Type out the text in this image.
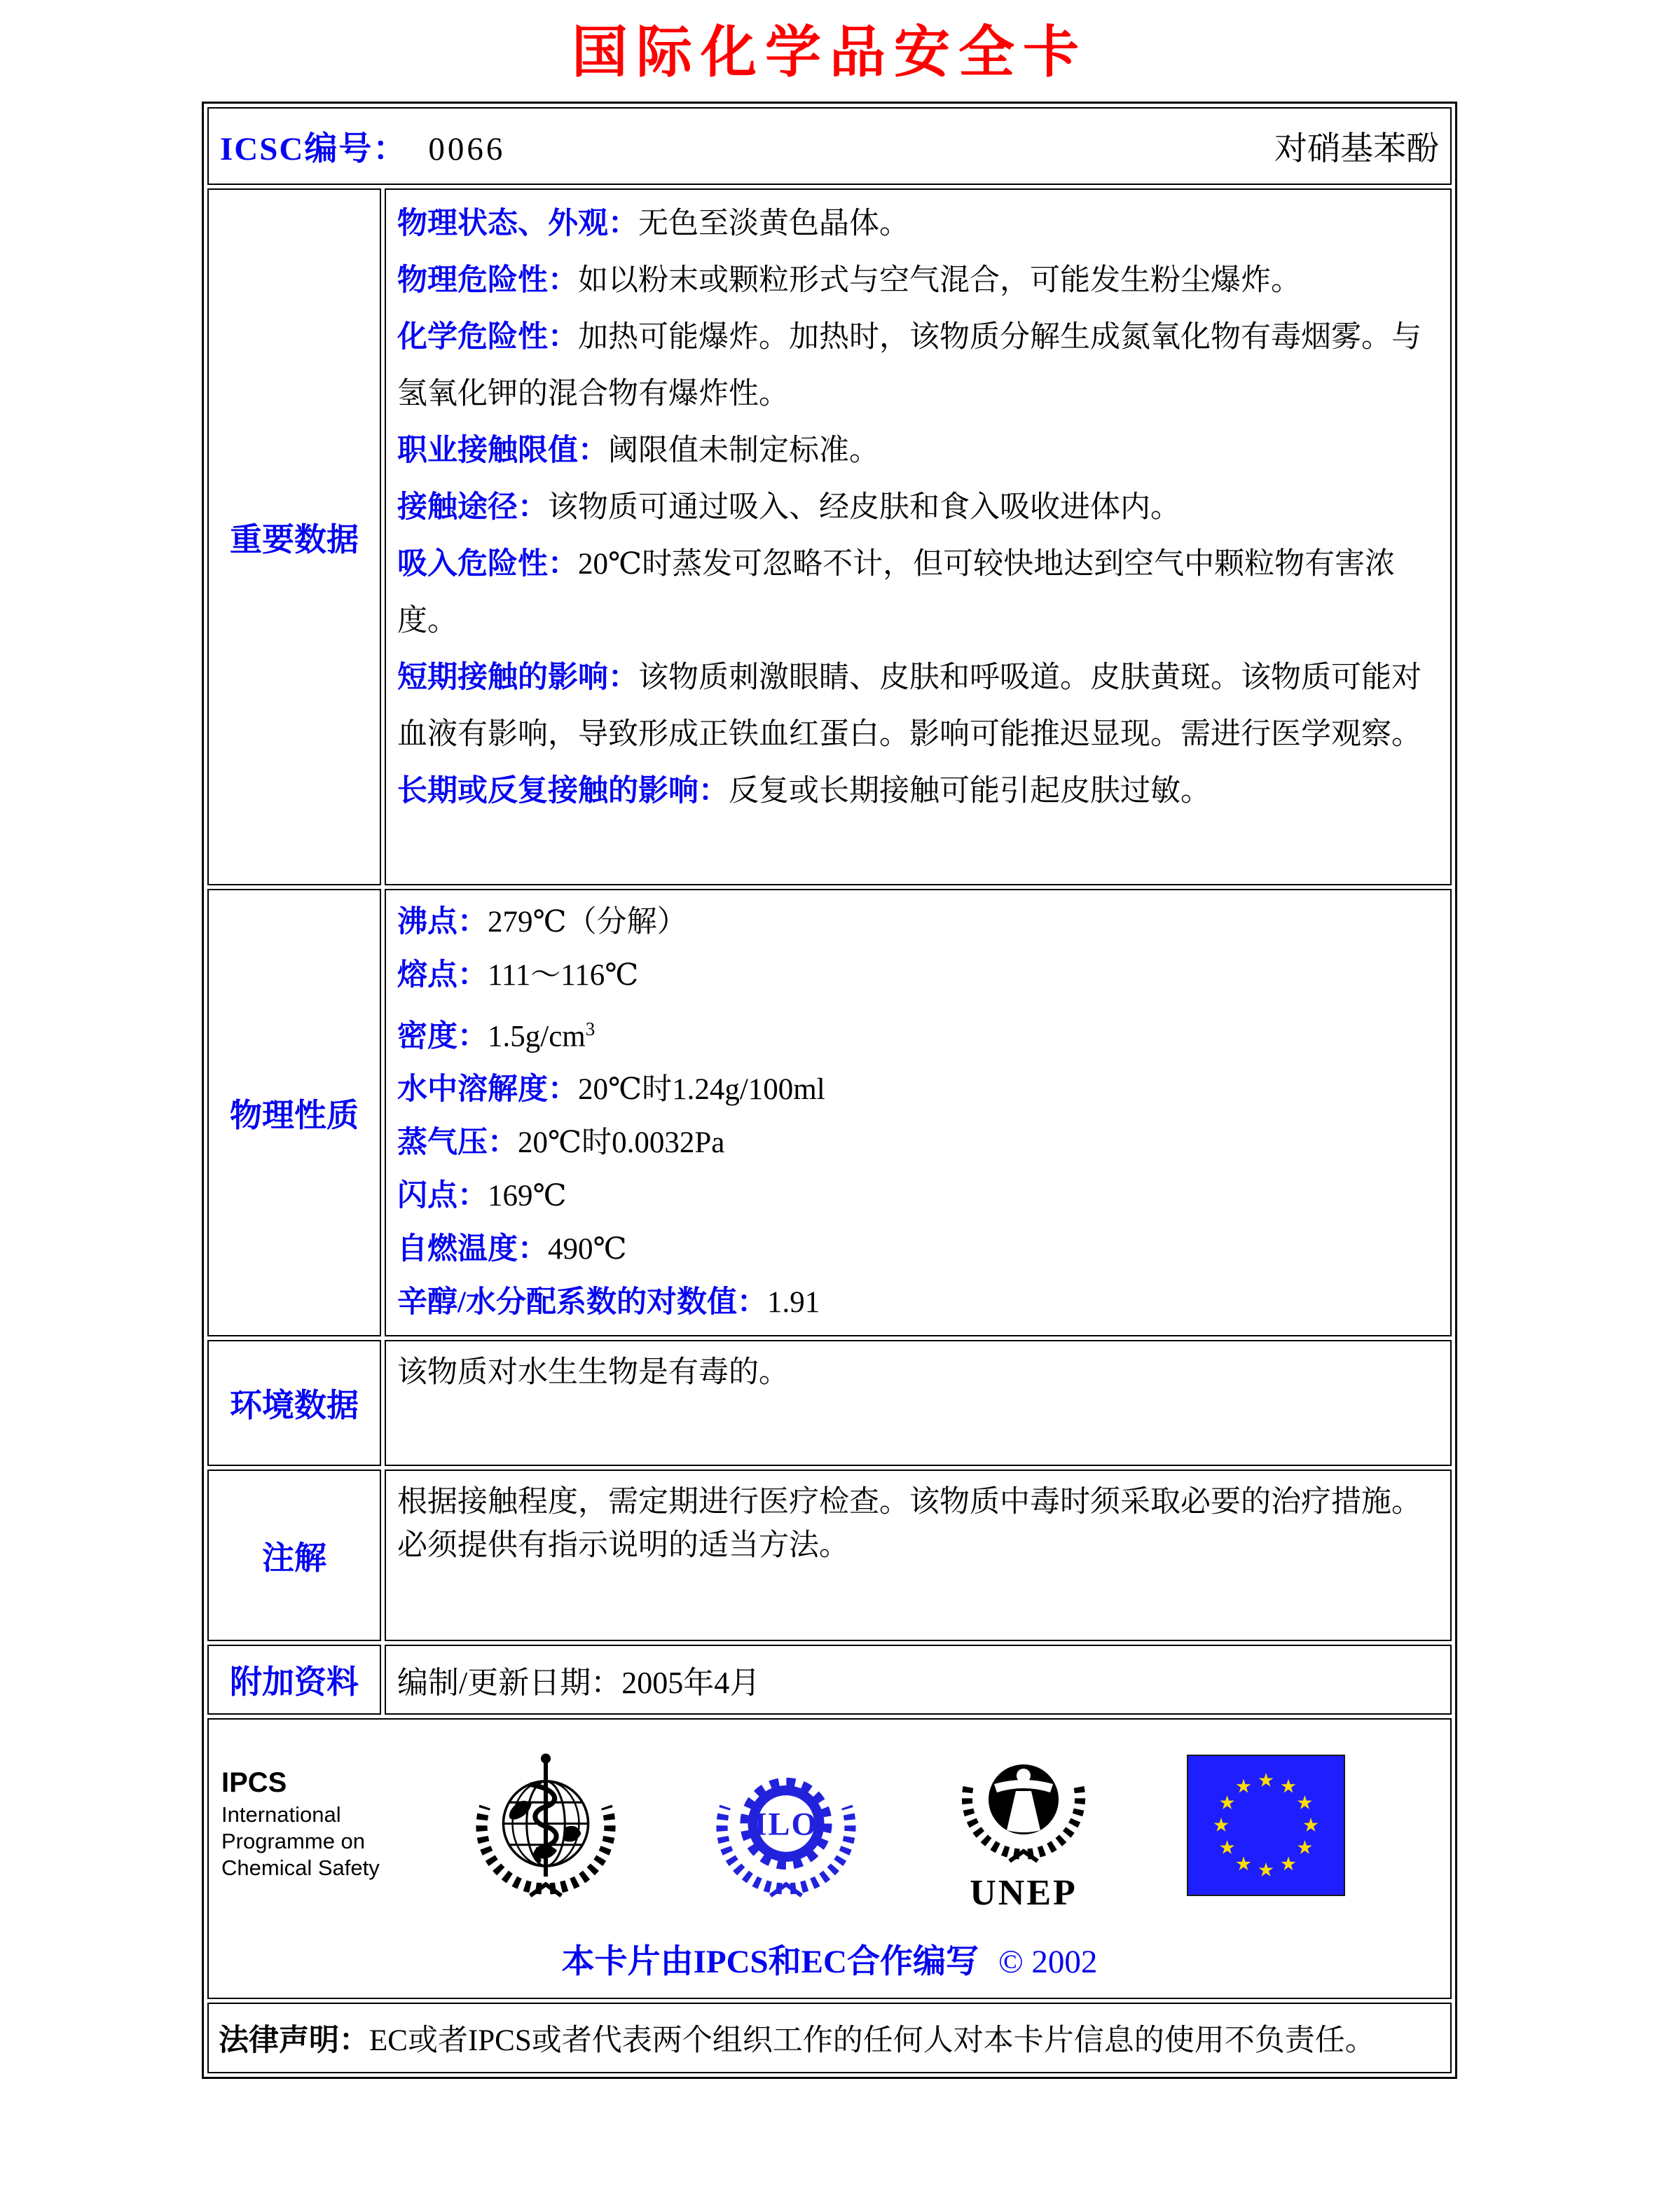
国际化学品安全卡
对硝基苯酚
ICSC编号： 0066	
重要数据	

物理状态、外观：无色至淡黄色晶体。

物理危险性：如以粉末或颗粒形式与空气混合，可能发生粉尘爆炸。

化学危险性：加热可能爆炸。加热时，该物质分解生成氮氧化物有毒烟雾。与氢氧化钾的混合物有爆炸性。

职业接触限值：阈限值未制定标准。

接触途径：该物质可通过吸入、经皮肤和食入吸收进体内。

吸入危险性：20℃时蒸发可忽略不计，但可较快地达到空气中颗粒物有害浓度。

短期接触的影响：该物质刺激眼睛、皮肤和呼吸道。皮肤黄斑。该物质可能对血液有影响，导致形成正铁血红蛋白。影响可能推迟显现。需进行医学观察。

长期或反复接触的影响：反复或长期接触可能引起皮肤过敏。

物理性质	

沸点：279℃（分解）

熔点：111～116℃

密度：$1.5g/cm^3$

水中溶解度：20℃时1.24g/100ml

蒸气压：20℃时0.0032Pa

闪点：169℃

自燃温度：490℃

辛醇/水分配系数的对数值：1.91

环境数据	该物质对水生生物是有毒的。

注解	根据接触程度，需定期进行医疗检查。该物质中毒时须采取必要的治疗措施。必须提供有指示说明的适当方法。

附加资料	编制/更新日期：2005年4月

IPCS
International
Programme on
Chemical Safety
ILO
UNEP
本卡片由IPCS和EC合作编写 © 2002

法律声明：EC或者IPCS或者代表两个组织工作的任何人对本卡片信息的使用不负责任。	
